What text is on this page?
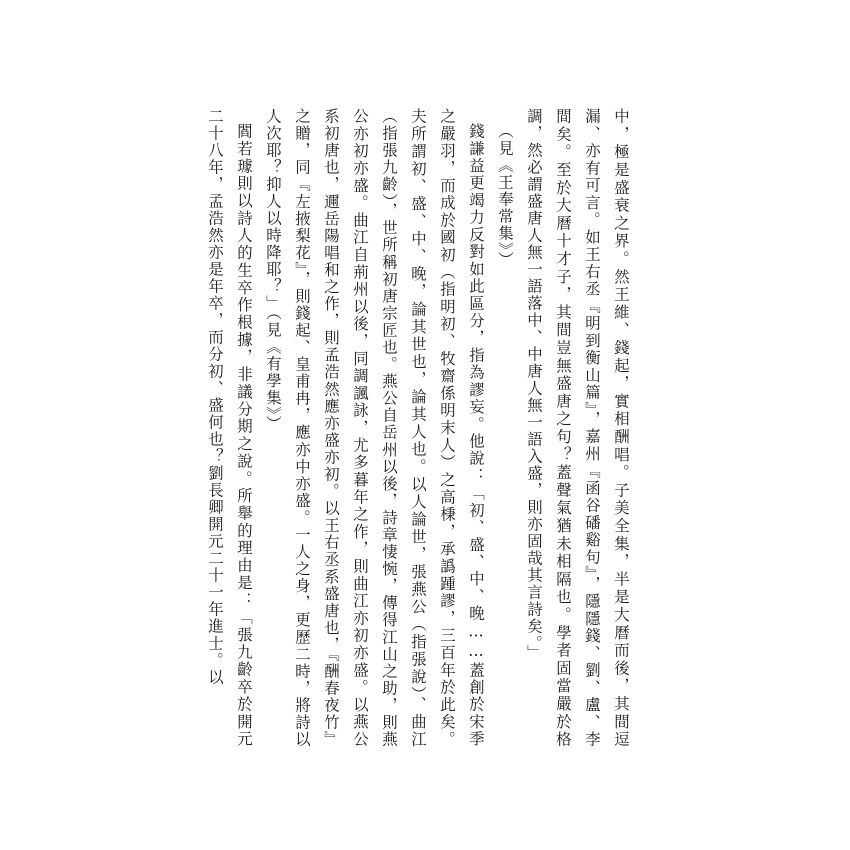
中，極是盛衰之界。然王維、錢起，實相酬唱。子美全集，半是大曆而後，其間逗漏、亦有可言。如王右丞『明到衡山篇』，嘉州『函谷磻谿句』，隱隱錢、劉、盧、李間矣。至於大曆十才子，其間豈無盛唐之句？蓋聲氣猶未相隔也。學者固當嚴於格調，然必謂盛唐人無一語落中、中唐人無一語入盛，則亦固哉其言詩矣。」

（見《王奉常集》）

錢謙益更竭力反對如此區分，指為謬妄。他說：「初、盛、中、晚……蓋創於宋季之嚴羽，而成於國初（指明初、牧齋係明末人）之高棅，承譌踵謬，三百年於此矣。夫所謂初、盛、中、晚，論其世也，論其人也。以人論世，張燕公（指張說）、曲江（指張九齡），世所稱初唐宗匠也。燕公自岳州以後，詩章悽惋，傳得江山之助，則燕公亦初亦盛。曲江自荊州以後，同調諷詠，尤多暮年之作，則曲江亦初亦盛。以燕公系初唐也，邇岳陽唱和之作，則孟浩然應亦盛亦初。以王右丞系盛唐也，『酬春夜竹』之贈，同『左掖梨花』，則錢起、皇甫冉，應亦中亦盛。一人之身，更歷二時，將詩以人次耶？抑人以時降耶？」（見《有學集》）

閻若璩則以詩人的生卒作根據，非議分期之說。所舉的理由是：「張九齡卒於開元二十八年，孟浩然亦是年卒，而分初、盛何也？劉長卿開元二十一年進士。以
